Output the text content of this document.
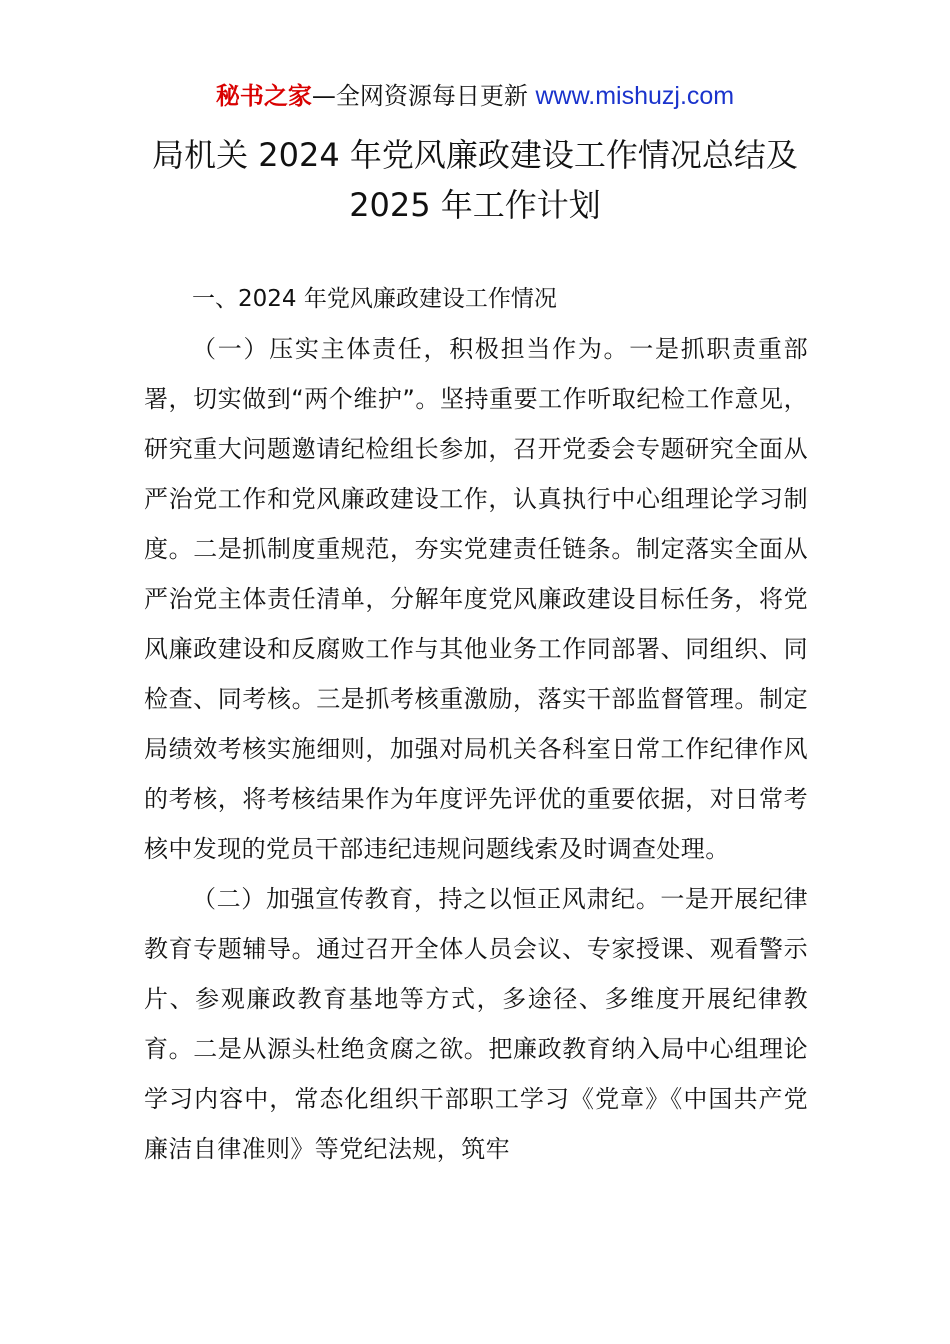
秘书之家—全网资源每日更新 www.mishuzj.com
局机关 2024 年党风廉政建设工作情况总结及
2025 年工作计划

一、2024 年党风廉政建设工作情况

（一）压实主体责任，积极担当作为。一是抓职责重部署，切实做到“两个维护”。坚持重要工作听取纪检工作意见，研究重大问题邀请纪检组长参加，召开党委会专题研究全面从严治党工作和党风廉政建设工作，认真执行中心组理论学习制度。二是抓制度重规范，夯实党建责任链条。制定落实全面从严治党主体责任清单，分解年度党风廉政建设目标任务，将党风廉政建设和反腐败工作与其他业务工作同部署、同组织、同检查、同考核。三是抓考核重激励，落实干部监督管理。制定局绩效考核实施细则，加强对局机关各科室日常工作纪律作风的考核，将考核结果作为年度评先评优的重要依据，对日常考核中发现的党员干部违纪违规问题线索及时调查处理。

（二）加强宣传教育，持之以恒正风肃纪。一是开展纪律教育专题辅导。通过召开全体人员会议、专家授课、观看警示片、参观廉政教育基地等方式，多途径、多维度开展纪律教育。二是从源头杜绝贪腐之欲。把廉政教育纳入局中心组理论学习内容中，常态化组织干部职工学习《党章》《中国共产党廉洁自律准则》等党纪法规，筑牢
